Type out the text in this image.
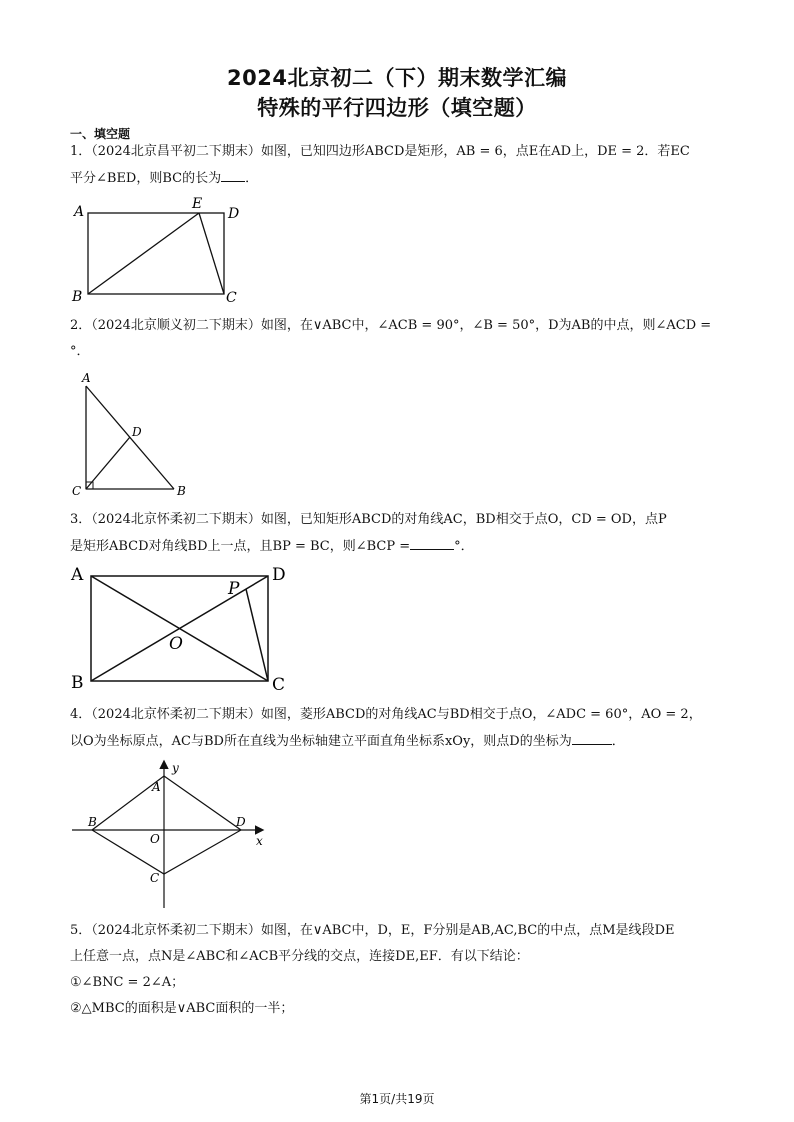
2024北京初二（下）期末数学汇编
特殊的平行四边形（填空题）
一、填空题
1．（2024北京昌平初二下期末）如图，已知四边形ABCD是矩形，AB = 6，点E在AD上，DE = 2．若EC
平分∠BED，则BC的长为 ．
A	E
D
B	C
2．（2024北京顺义初二下期末）如图，在∨ABC中，∠ACB = 90°，∠B = 50°，D为AB的中点，则∠ACD =
°．
A
D
C	B
3．（2024北京怀柔初二下期末）如图，已知矩形ABCD的对角线AC，BD相交于点O，CD = OD，点P
是矩形ABCD对角线BD上一点，且BP = BC，则∠BCP =	°．
A	D
P
O
B	C
4．（2024北京怀柔初二下期末）如图，菱形ABCD的对角线AC与BD相交于点O，∠ADC = 60°，AO = 2，
以O为坐标原点，AC与BD所在直线为坐标轴建立平面直角坐标系xOy，则点D的坐标为	．
y
A
B	D
O	x
C
5．（2024北京怀柔初二下期末）如图，在∨ABC中，D，E，F分别是AB,AC,BC的中点，点M是线段DE
上任意一点，点N是∠ABC和∠ACB平分线的交点，连接DE,EF．有以下结论：
①∠BNC = 2∠A；
②△MBC的面积是∨ABC面积的一半；
第1页/共19页
